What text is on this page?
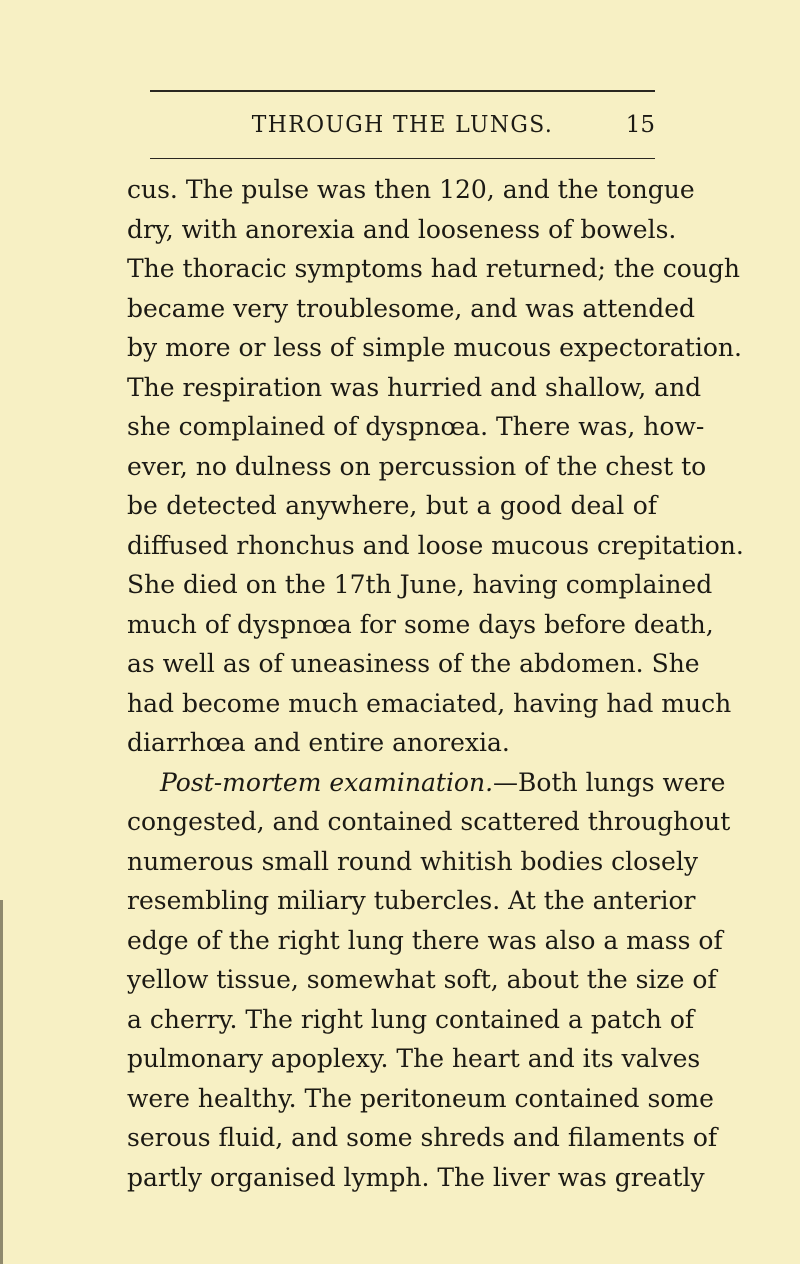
THROUGH THE LUNGS.	15
cus. The pulse was then 120, and the tongue
dry, with anorexia and looseness of bowels.
The thoracic symptoms had returned; the cough
became very troublesome, and was attended
by more or less of simple mucous expectoration.
The respiration was hurried and shallow, and
she complained of dyspnœa. There was, how-
ever, no dulness on percussion of the chest to
be detected anywhere, but a good deal of
diffused rhonchus and loose mucous crepitation.
She died on the 17th June, having complained
much of dyspnœa for some days before death,
as well as of uneasiness of the abdomen. She
had become much emaciated, having had much
diarrhœa and entire anorexia.
Post-mortem examination.—Both lungs were
congested, and contained scattered throughout
numerous small round whitish bodies closely
resembling miliary tubercles. At the anterior
edge of the right lung there was also a mass of
yellow tissue, somewhat soft, about the size of
a cherry. The right lung contained a patch of
pulmonary apoplexy. The heart and its valves
were healthy. The peritoneum contained some
serous fluid, and some shreds and filaments of
partly organised lymph. The liver was greatly
